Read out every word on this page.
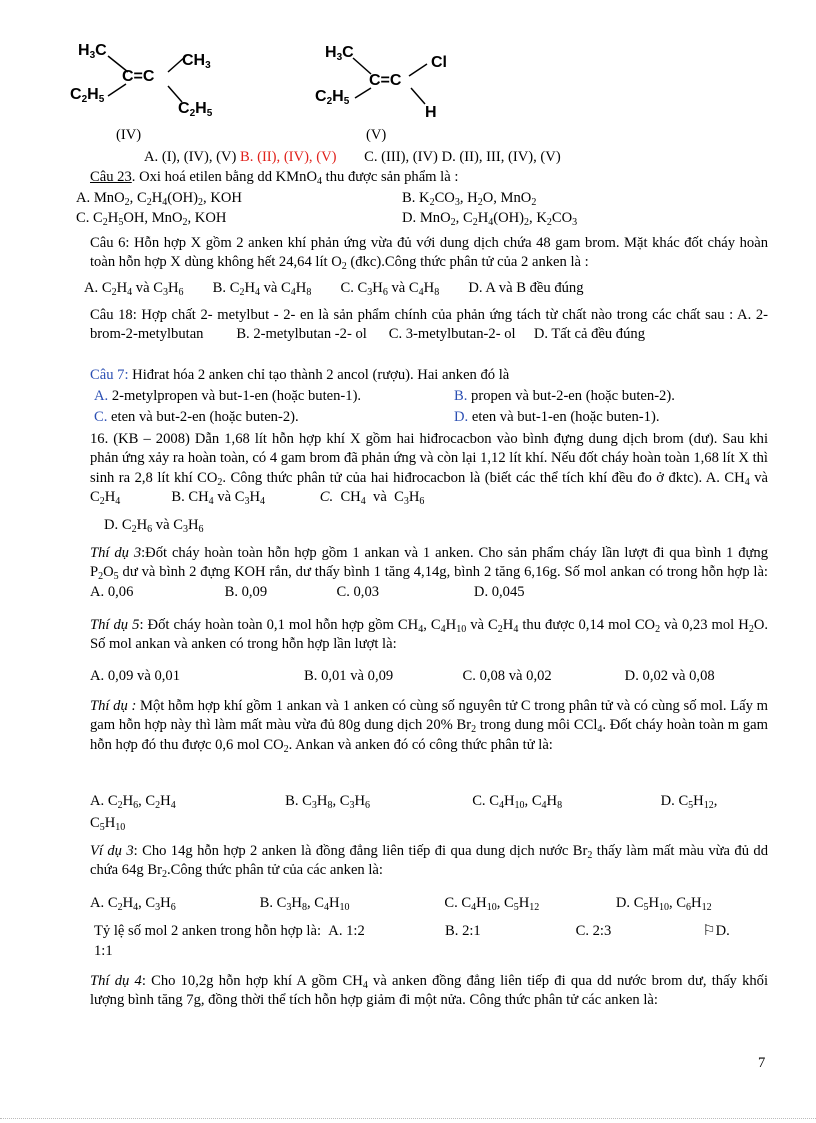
$H_3C$
$CH_3$
C=C
$C_2H_5$
$C_2H_5$
(IV)
$H_3C$
Cl
C=C
$C_2H_5$
H
(V)
A. (I), (IV), (V) B. (II), (IV), (V) C. (III), (IV) D. (II), III, (IV), (V)
Câu 23. Oxi hoá etilen bằng dd KMnO$_4$ thu được sản phẩm là :
A. MnO$_2$, $C_2H_4(OH)_2$, KOH	B. $K_2CO_3$, $H_2O$, MnO$_2$
C. $C_2H_5OH$, MnO$_2$, KOH	D. MnO$_2$, $C_2H_4(OH)_2$, $K_2CO_3$
Câu 6: Hỗn hợp X gồm 2 anken khí phản ứng vừa đủ với dung dịch chứa 48 gam brom. Mặt khác đốt cháy hoàn toàn hỗn hợp X dùng không hết 24,64 lít $O_2$ (đkc).Công thức phân tử của 2 anken là :
A. $C_2H_4$ và $C_3H_6$        B. $C_2H_4$ và $C_4H_8$        C. $C_3H_6$ và $C_4H_8$        D. A và B đều đúng
Câu 18: Hợp chất 2- metylbut - 2- en là sản phẩm chính của phản ứng tách từ chất nào trong các chất sau : A. 2-brom-2-metylbutan         B. 2-metylbutan -2- ol      C. 3-metylbutan-2- ol     D. Tất cả đều đúng
Câu 7: Hiđrat hóa 2 anken chỉ tạo thành 2 ancol (rượu). Hai anken đó là
A. 2-metylpropen và but-1-en (hoặc buten-1).	B. propen và but-2-en (hoặc buten-2).
C. eten và but-2-en (hoặc buten-2).	D. eten và but-1-en (hoặc buten-1).
16. (KB – 2008) Dẫn 1,68 lít hỗn hợp khí X gồm hai hiđrocacbon vào bình đựng dung dịch brom (dư). Sau khi phản ứng xảy ra hoàn toàn, có 4 gam brom đã phản ứng và còn lại 1,12 lít khí. Nếu đốt cháy hoàn toàn 1,68 lít X thì sinh ra 2,8 lít khí $CO_2$. Công thức phân tử của hai hiđrocacbon là (biết các thể tích khí đều đo ở đktc). A. $CH_4$ và $C_2H_4$              B. $CH_4$ và $C_3H_4$	C.  $CH_4$  và  $C_3H_6$
D. $C_2H_6$ và $C_3H_6$
Thí dụ 3:Đốt cháy hoàn toàn hỗn hợp gồm 1 ankan và 1 anken. Cho sản phẩm cháy lần lượt đi qua bình 1 đựng $P_2O_5$ dư và bình 2 đựng KOH rắn, dư thấy bình 1 tăng 4,14g, bình 2 tăng 6,16g. Số mol ankan có trong hỗn hợp là: A. 0,06                         B. 0,09                   C. 0,03                          D. 0,045
Thí dụ 5: Đốt cháy hoàn toàn 0,1 mol hỗn hợp gồm $CH_4$, $C_4H_{10}$ và $C_2H_4$ thu được 0,14 mol $CO_2$ và 0,23 mol $H_2O$. Số mol ankan và anken có trong hỗn hợp lần lượt là:
A. 0,09 và 0,01                                  B. 0,01 và 0,09                   C. 0,08 và 0,02                    D. 0,02 và 0,08
Thí dụ : Một hỗm hợp khí gồm 1 ankan và 1 anken có cùng số nguyên tử C trong phân tử và có cùng số mol. Lấy m gam hỗn hợp này thì làm mất màu vừa đủ 80g dung dịch 20% $Br_2$ trong dung môi CCl$_4$. Đốt cháy hoàn toàn m gam hỗn hợp đó thu được 0,6 mol $CO_2$. Ankan và anken đó có công thức phân tử là:
A. $C_2H_6$, $C_2H_4$                              B. $C_3H_8$, $C_3H_6$                            C. $C_4H_{10}$, $C_4H_8$                           D. $C_5H_{12}$,
$C_5H_{10}$
Ví dụ 3: Cho 14g hỗn hợp 2 anken là đồng đẳng liên tiếp đi qua dung dịch nước $Br_2$ thấy làm mất màu vừa đủ dd chứa 64g $Br_2.Công$ thức phân tử của các anken là:
A. $C_2H_4$, $C_3H_6$                       B. $C_3H_8$, $C_4H_{10}$                          C. $C_4H_{10}$, $C_5H_{12}$                     D. $C_5H_{10}$, $C_6H_{12}$
Tỷ lệ số mol 2 anken trong hỗn hợp là:  A. 1:2                      B. 2:1                          C. 2:3                         ⚐D.
1:1
Thí dụ 4: Cho 10,2g hỗn hợp khí A gồm $CH_4$ và anken đồng đẳng liên tiếp đi qua dd nước brom dư, thấy khối lượng bình tăng 7g, đồng thời thể tích hỗn hợp giảm đi một nửa. Công thức phân tử các anken là:
7
